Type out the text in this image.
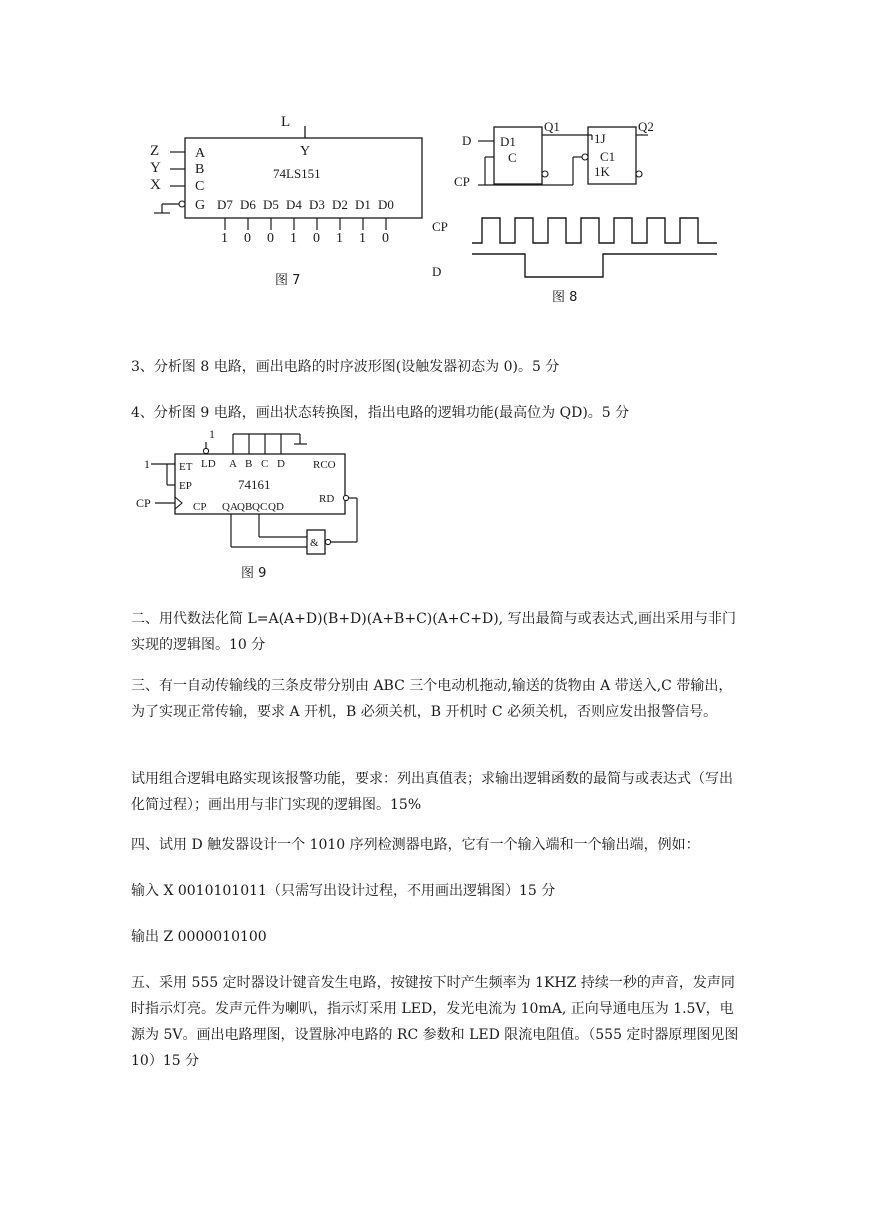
L
Y
74LS151
Z
Y
X
A
B
C
G D7
1
D6
0
D5
0
D4
1
D3
0
D2
1
D1
1
D0
0
图 7
D1
C
Q1
D
CP
1J
C1
1K
Q2
CP
D
图 8
3、分析图 8 电路，画出电路的时序波形图(设触发器初态为 0)。5 分
4、分析图 9 电路，画出状态转换图，指出电路的逻辑功能(最高位为 QD)。5 分
1
LD A B C D	RCO
ET
EP
CP
74161
RD
1
CP	QA QB QC QD
&
图 9
二、用代数法化简 L=A(A+D)(B+D)(A+B+C)(A+C+D), 写出最简与或表达式,画出采用与非门实现的逻辑图。10 分
三、有一自动传输线的三条皮带分别由 ABC 三个电动机拖动,输送的货物由 A 带送入,C 带输出，为了实现正常传输，要求 A 开机，B 必须关机，B 开机时 C 必须关机，否则应发出报警信号。
试用组合逻辑电路实现该报警功能，要求：列出真值表；求输出逻辑函数的最简与或表达式（写出化简过程）；画出用与非门实现的逻辑图。15%
四、试用 D 触发器设计一个 1010 序列检测器电路，它有一个输入端和一个输出端，例如：
输入 X 0010101011（只需写出设计过程，不用画出逻辑图）15 分
输出 Z 0000010100
五、采用 555 定时器设计键音发生电路，按键按下时产生频率为 1KHZ 持续一秒的声音，发声同时指示灯亮。发声元件为喇叭，指示灯采用 LED，发光电流为 10mA, 正向导通电压为 1.5V，电源为 5V。画出电路理图，设置脉冲电路的 RC 参数和 LED 限流电阻值。（555 定时器原理图见图 10）15 分
